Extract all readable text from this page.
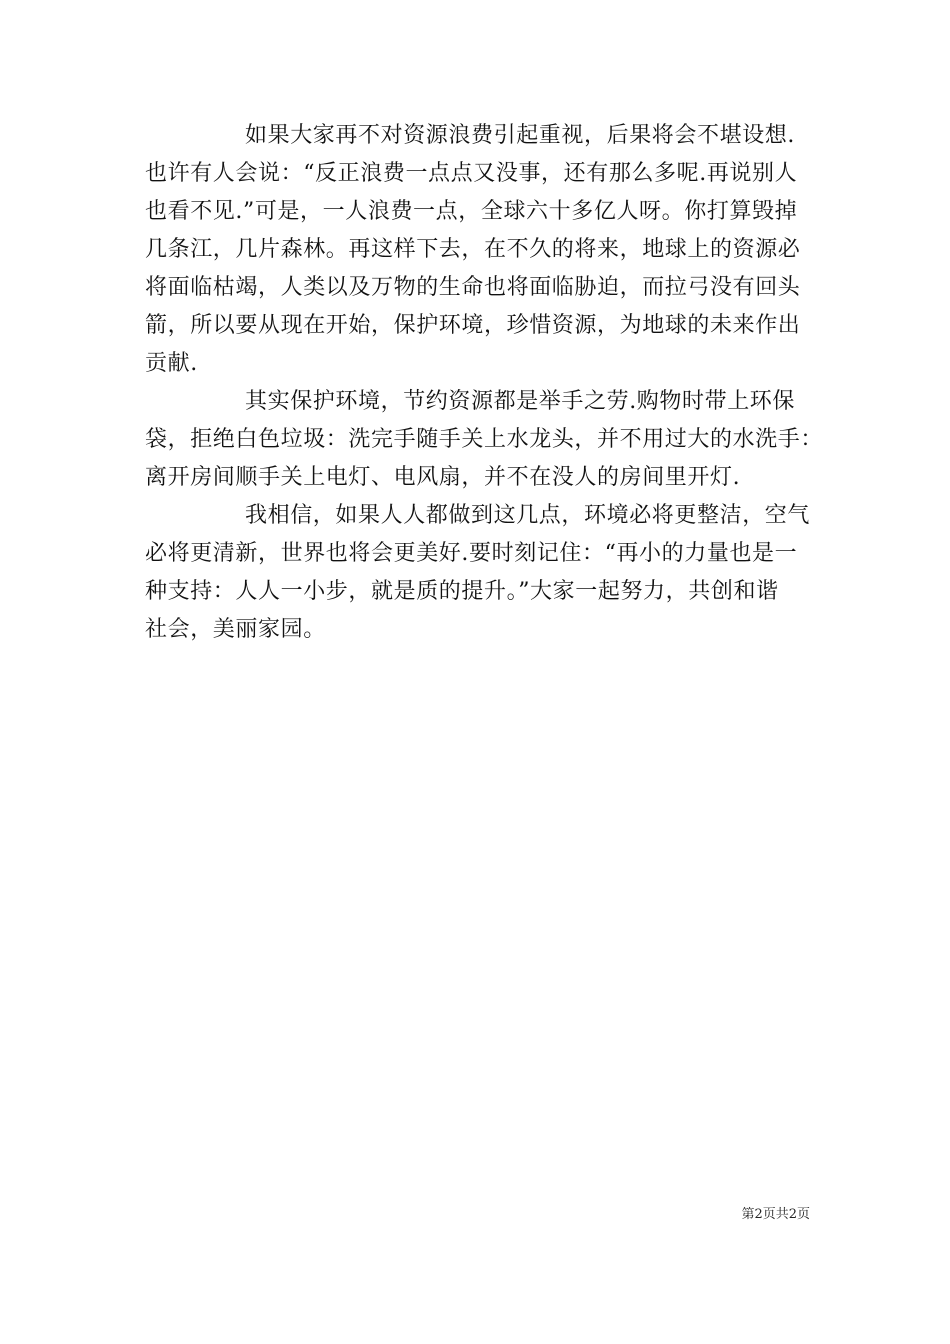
如果大家再不对资源浪费引起重视，后果将会不堪设想.
也许有人会说：“反正浪费一点点又没事，还有那么多呢.再说别人
也看不见.”可是，一人浪费一点，全球六十多亿人呀。你打算毁掉
几条江，几片森林。再这样下去，在不久的将来，地球上的资源必
将面临枯竭，人类以及万物的生命也将面临胁迫，而拉弓没有回头
箭，所以要从现在开始，保护环境，珍惜资源，为地球的未来作出
贡献.
其实保护环境，节约资源都是举手之劳.购物时带上环保
袋，拒绝白色垃圾：洗完手随手关上水龙头，并不用过大的水洗手：
离开房间顺手关上电灯、电风扇，并不在没人的房间里开灯.
我相信，如果人人都做到这几点，环境必将更整洁，空气
必将更清新，世界也将会更美好.要时刻记住：“再小的力量也是一
种支持：人人一小步，就是质的提升。”大家一起努力，共创和谐
社会，美丽家园。
第2页共2页
